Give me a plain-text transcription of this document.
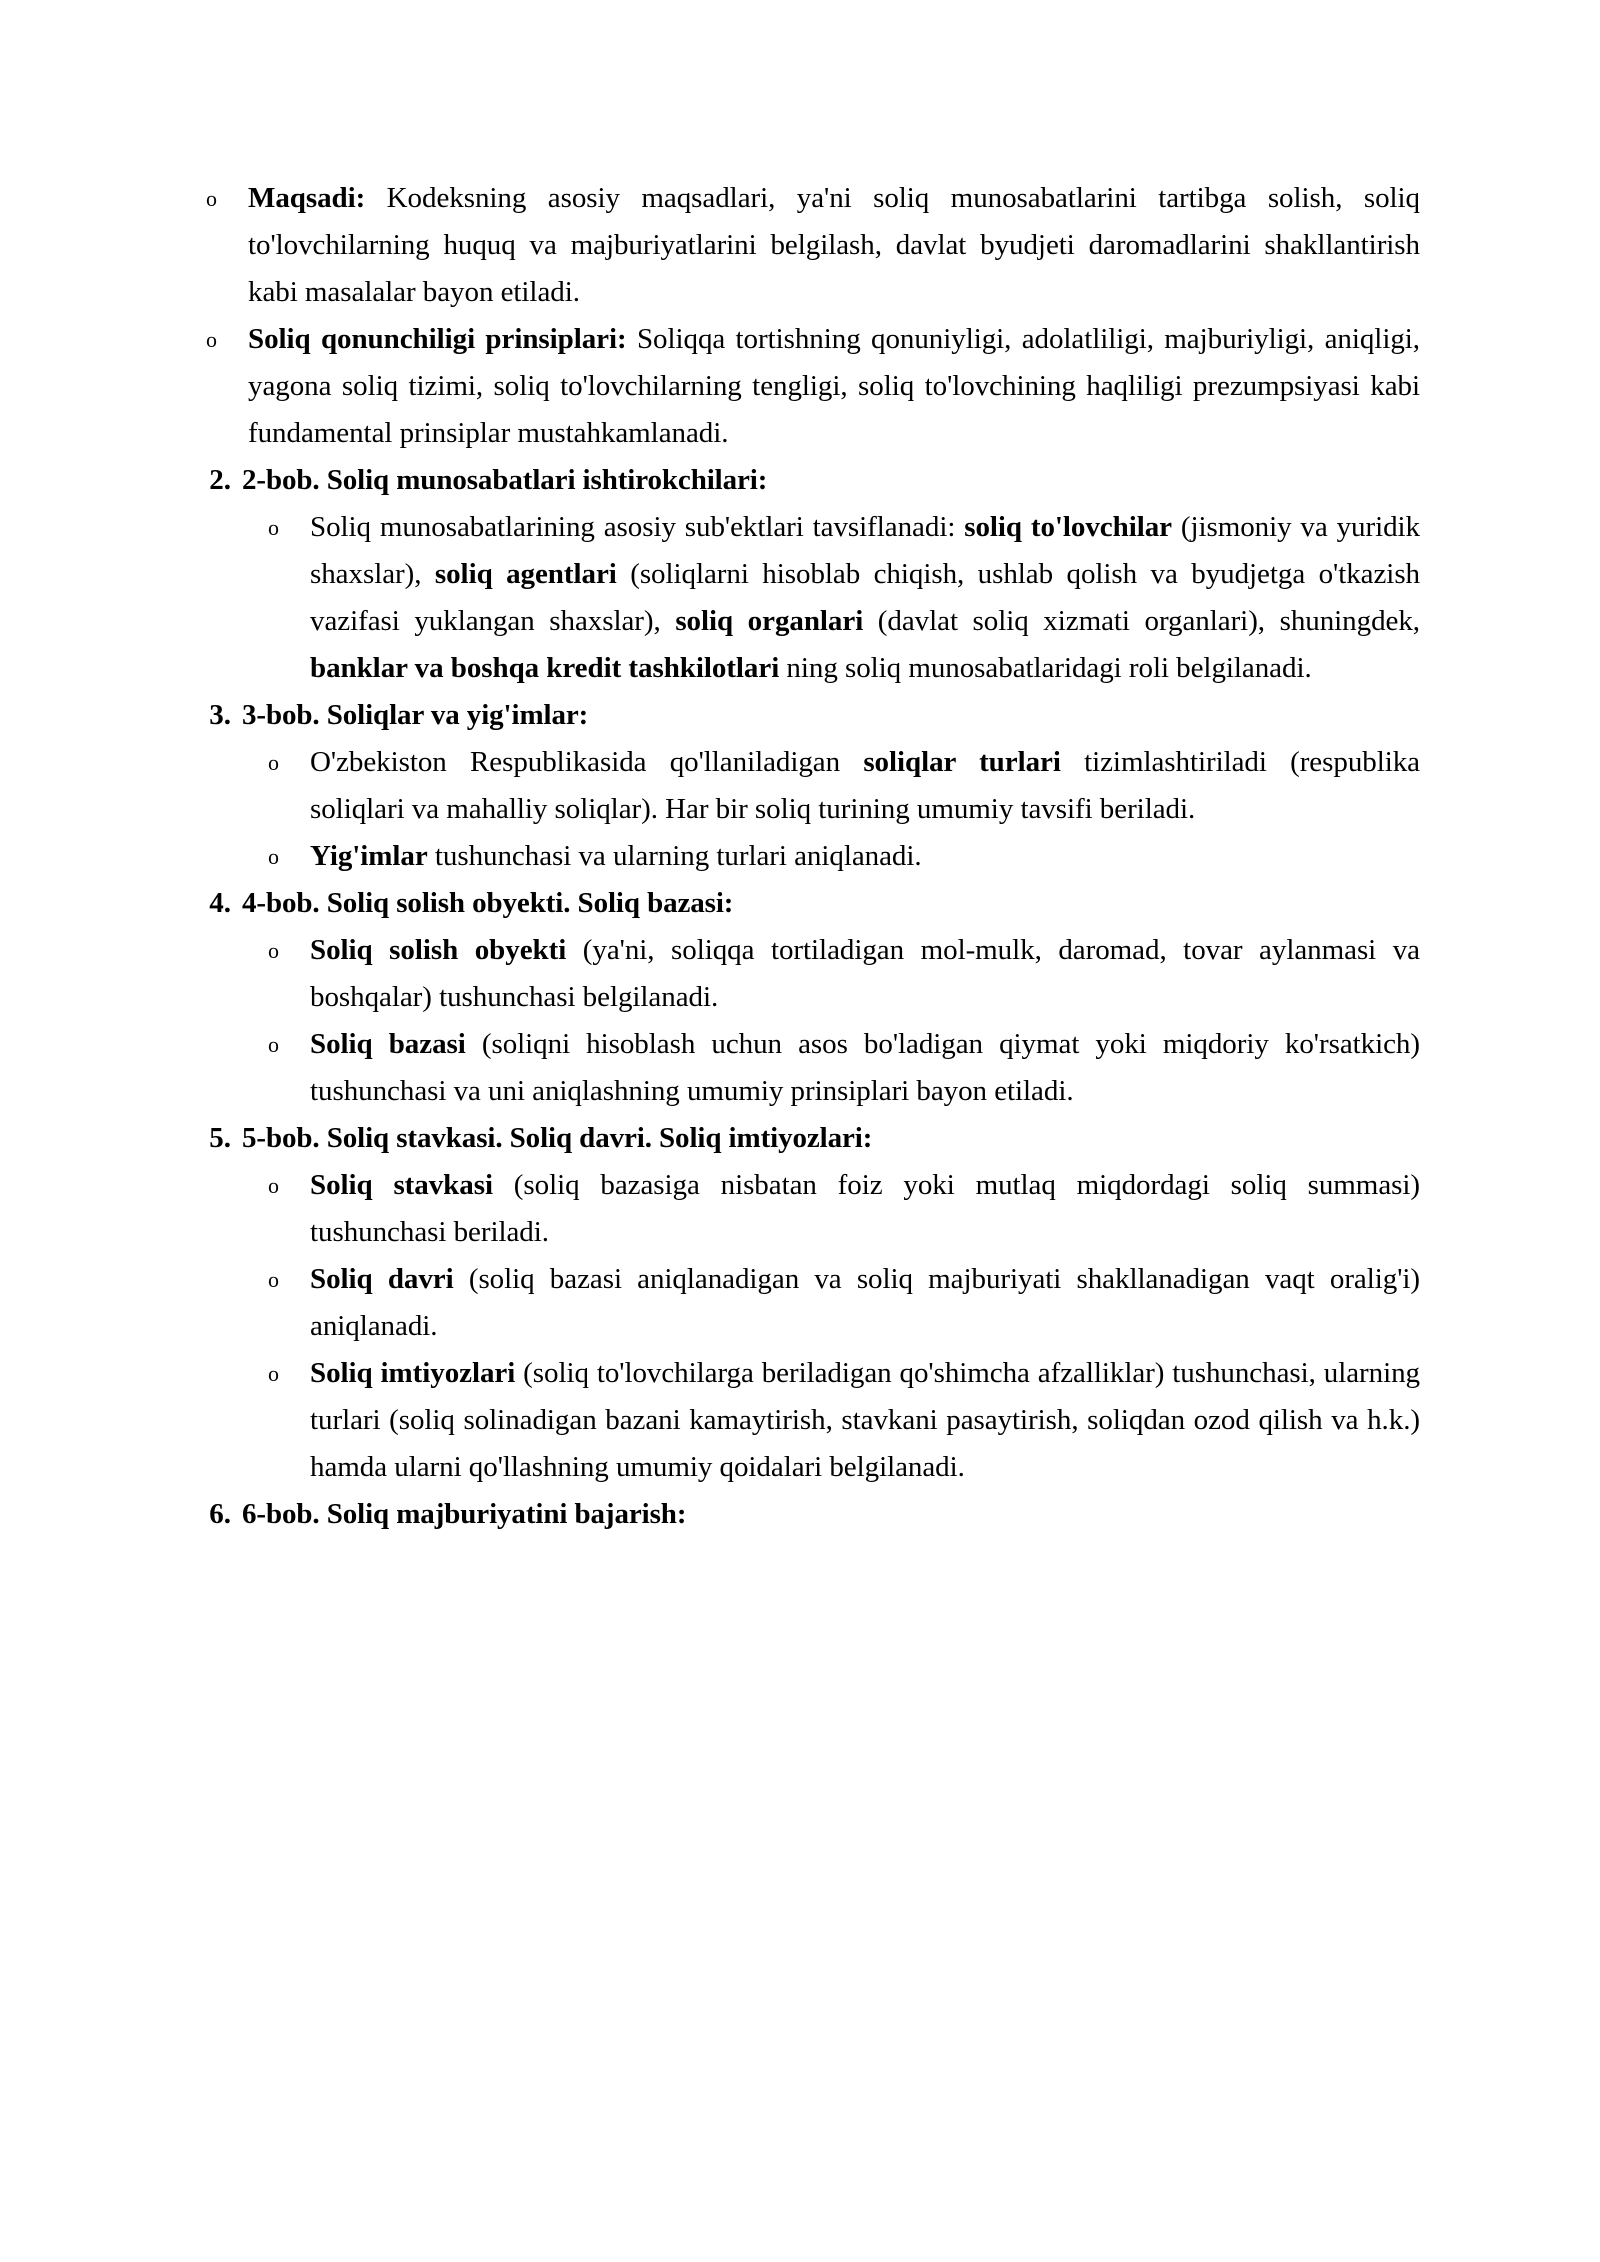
o Maqsadi: Kodeksning asosiy maqsadlari, ya'ni soliq munosabatlarini tartibga solish, soliq to'lovchilarning huquq va majburiyatlarini belgilash, davlat byudjeti daromadlarini shakllantirish kabi masalalar bayon etiladi.
o Soliq qonunchiligi prinsiplari: Soliqqa tortishning qonuniyligi, adolatliligi, majburiyligi, aniqligi, yagona soliq tizimi, soliq to'lovchilarning tengligi, soliq to'lovchining haqliligi prezumpsiyasi kabi fundamental prinsiplar mustahkamlanadi.
2. 2-bob. Soliq munosabatlari ishtirokchilari:
o Soliq munosabatlarining asosiy sub'ektlari tavsiflanadi: soliq to'lovchilar (jismoniy va yuridik shaxslar), soliq agentlari (soliqlarni hisoblab chiqish, ushlab qolish va byudjetga o'tkazish vazifasi yuklangan shaxslar), soliq organlari (davlat soliq xizmati organlari), shuningdek, banklar va boshqa kredit tashkilotlari ning soliq munosabatlaridagi roli belgilanadi.
3. 3-bob. Soliqlar va yig'imlar:
o O'zbekiston Respublikasida qo'llaniladigan soliqlar turlari tizimlashtiriladi (respublika soliqlari va mahalliy soliqlar). Har bir soliq turining umumiy tavsifi beriladi.
o Yig'imlar tushunchasi va ularning turlari aniqlanadi.
4. 4-bob. Soliq solish obyekti. Soliq bazasi:
o Soliq solish obyekti (ya'ni, soliqqa tortiladigan mol-mulk, daromad, tovar aylanmasi va boshqalar) tushunchasi belgilanadi.
o Soliq bazasi (soliqni hisoblash uchun asos bo'ladigan qiymat yoki miqdoriy ko'rsatkich) tushunchasi va uni aniqlashning umumiy prinsiplari bayon etiladi.
5. 5-bob. Soliq stavkasi. Soliq davri. Soliq imtiyozlari:
o Soliq stavkasi (soliq bazasiga nisbatan foiz yoki mutlaq miqdordagi soliq summasi) tushunchasi beriladi.
o Soliq davri (soliq bazasi aniqlanadigan va soliq majburiyati shakllanadigan vaqt oralig'i) aniqlanadi.
o Soliq imtiyozlari (soliq to'lovchilarga beriladigan qo'shimcha afzalliklar) tushunchasi, ularning turlari (soliq solinadigan bazani kamaytirish, stavkani pasaytirish, soliqdan ozod qilish va h.k.) hamda ularni qo'llashning umumiy qoidalari belgilanadi.
6. 6-bob. Soliq majburiyatini bajarish:
